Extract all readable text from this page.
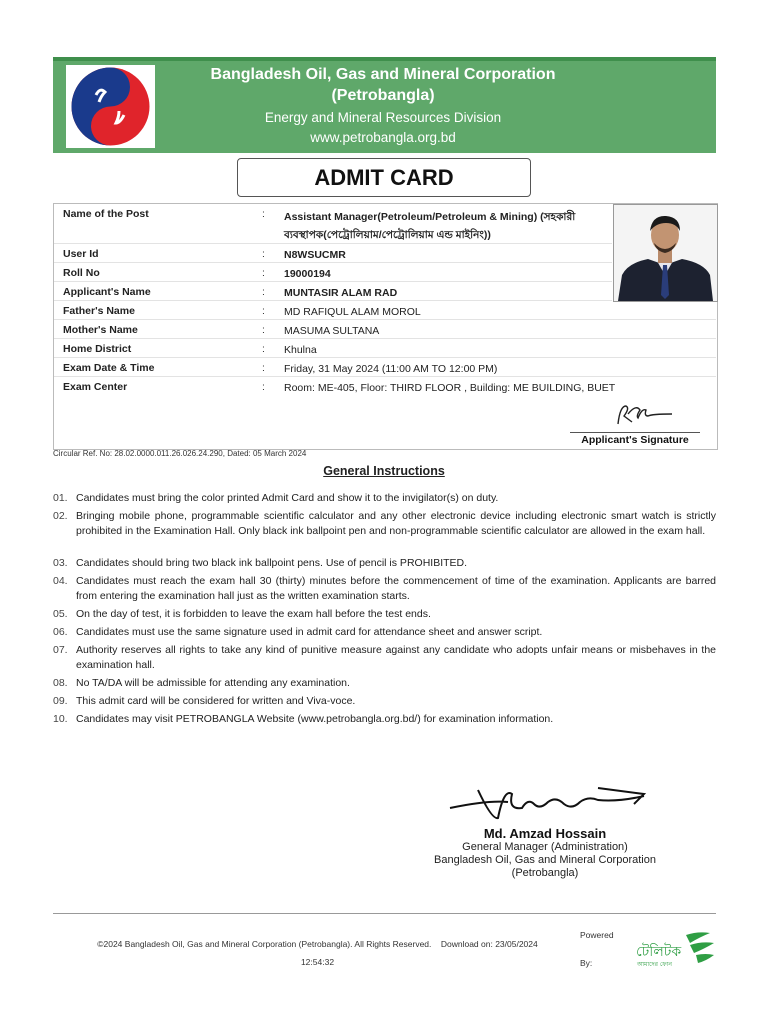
Bangladesh Oil, Gas and Mineral Corporation
(Petrobangla)
Energy and Mineral Resources Division
www.petrobangla.org.bd
ADMIT CARD
Name of the Post	: Assistant Manager(Petroleum/Petroleum & Mining) (সহকারী ব্যবস্থাপক(পেট্রোলিয়াম/পেট্রোলিয়াম এন্ড মাইনিং))
User Id	: N8WSUCMR
Roll No	: 19000194
Applicant's Name	: MUNTASIR ALAM RAD
Father's Name	: MD RAFIQUL ALAM MOROL
Mother's Name	: MASUMA SULTANA
Home District	: Khulna
Exam Date & Time	: Friday, 31 May 2024 (11:00 AM TO 12:00 PM)
Exam Center	: Room: ME-405, Floor: THIRD FLOOR , Building: ME BUILDING, BUET
Applicant's Signature
Circular Ref. No: 28.02.0000.011.26.026.24.290, Dated: 05 March 2024
General Instructions
01. Candidates must bring the color printed Admit Card and show it to the invigilator(s) on duty.
02. Bringing mobile phone, programmable scientific calculator and any other electronic device including electronic smart watch is strictly prohibited in the Examination Hall. Only black ink ballpoint pen and non-programmable scientific calculator are allowed in the exam hall.
03. Candidates should bring two black ink ballpoint pens. Use of pencil is PROHIBITED.
04. Candidates must reach the exam hall 30 (thirty) minutes before the commencement of time of the examination. Applicants are barred from entering the examination hall just as the written examination starts.
05. On the day of test, it is forbidden to leave the exam hall before the test ends.
06. Candidates must use the same signature used in admit card for attendance sheet and answer script.
07. Authority reserves all rights to take any kind of punitive measure against any candidate who adopts unfair means or misbehaves in the examination hall.
08. No TA/DA will be admissible for attending any examination.
09. This admit card will be considered for written and Viva-voce.
10. Candidates may visit PETROBANGLA Website (www.petrobangla.org.bd/) for examination information.
Md. Amzad Hossain
General Manager (Administration)
Bangladesh Oil, Gas and Mineral Corporation
(Petrobangla)
©2024 Bangladesh Oil, Gas and Mineral Corporation (Petrobangla). All Rights Reserved. Download on: 23/05/2024
12:54:32
Powered
By:
টেলিটক
আমাদের ফোন
